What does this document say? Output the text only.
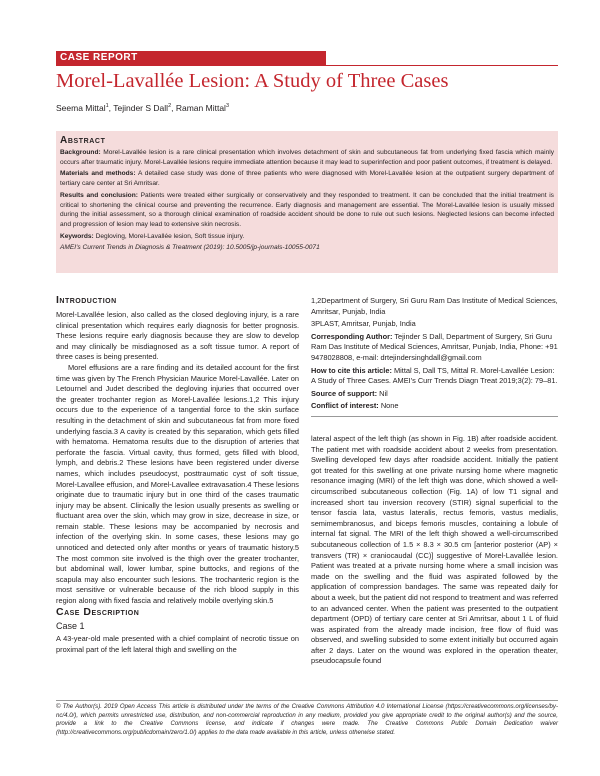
CASE REPORT
Morel-Lavallée Lesion: A Study of Three Cases
Seema Mittal$^1$, Tejinder S Dall$^2$, Raman Mittal$^3$
Abstract

Background: Morel-Lavallée lesion is a rare clinical presentation which involves detachment of skin and subcutaneous fat from underlying fixed fascia which mainly occurs after traumatic injury. Morel-Lavallée lesions require immediate attention because it may lead to superinfection and poor patient outcomes, if treatment is delayed.

Materials and methods: A detailed case study was done of three patients who were diagnosed with Morel-Lavallée lesion at the outpatient surgery department of tertiary care center at Sri Amritsar.

Results and conclusion: Patients were treated either surgically or conservatively and they responded to treatment. It can be concluded that the initial treatment is critical to shortening the clinical course and preventing the recurrence. Early diagnosis and management are essential. The Morel-Lavallée lesion is usually missed during the initial assessment, so a thorough clinical examination of roadside accident should be done to rule out such lesions. Neglected lesions can become infected and progression of lesion may lead to extensive skin necrosis.

Keywords: Degloving, Morel-Lavallée lesion, Soft tissue injury.

AMEI's Current Trends in Diagnosis & Treatment (2019): 10.5005/jp-journals-10055-0071

Introduction

Morel-Lavallée lesion, also called as the closed degloving injury, is a rare clinical presentation which requires early diagnosis for better prognosis. These lesions require early diagnosis because they are slow to develop and may clinically be misdiagnosed as a soft tissue tumor. A report of three cases is being presented.

Morel effusions are a rare finding and its detailed account for the first time was given by The French Physician Maurice Morel-Lavallée. Later on Letournel and Judet described the degloving injuries that occurred over the greater trochanter region as Morel-Lavallée lesions.1,2 This injury occurs due to the experience of a tangential force to the skin surface resulting in the detachment of skin and subcutaneous fat from more fixed underlying fascia.3 A cavity is created by this separation, which gets filled with hematoma. Hematoma results due to the disruption of arteries that perforate the fascia. Virtual cavity, thus formed, gets filled with blood, lymph, and debris.2 These lesions have been registered under diverse names, which includes pseudocyst, posttraumatic cyst of soft tissue, Morel-Lavallee effusion, and Morel-Lavallee extravasation.4 These lesions originate due to traumatic injury but in one third of the cases traumatic injury may be absent. Clinically the lesion usually presents as swelling or fluctuant area over the skin, which may grow in size, decrease in size, or remain stable. These lesions may be accompanied by necrosis and infection of the overlying skin. In some cases, these lesions may go unnoticed and detected only after months or years of traumatic history.5 The most common site involved is the thigh over the greater trochanter, but abdominal wall, lower lumbar, spine buttocks, and regions of the scapula may also encounter such lesions. The trochanteric region is the most sensitive or vulnerable because of the rich blood supply in this region along with fixed fascia and relatively mobile overlying skin.5

Case Description
Case 1

A 43-year-old male presented with a chief complaint of necrotic tissue on proximal part of the left lateral thigh and swelling on the

1,2Department of Surgery, Sri Guru Ram Das Institute of Medical Sciences, Amritsar, Punjab, India

3PLAST, Amritsar, Punjab, India

Corresponding Author: Tejinder S Dall, Department of Surgery, Sri Guru Ram Das Institute of Medical Sciences, Amritsar, Punjab, India, Phone: +91 9478028808, e-mail: drtejindersinghdall@gmail.com

How to cite this article: Mittal S, Dall TS, Mittal R. Morel-Lavallée Lesion: A Study of Three Cases. AMEI's Curr Trends Diagn Treat 2019;3(2): 79–81.

Source of support: Nil

Conflict of interest: None

lateral aspect of the left thigh (as shown in Fig. 1B) after roadside accident. The patient met with roadside accident about 2 weeks from presentation. Swelling developed few days after roadside accident. Initially the patient got treated for this swelling at one private nursing home where magnetic resonance imaging (MRI) of the left thigh was done, which showed a well-circumscribed subcutaneous collection (Fig. 1A) of low T1 signal and increased short tau inversion recovery (STIR) signal superficial to the tensor fascia lata, vastus lateralis, rectus femoris, vastus medialis, semimembranosus, and biceps femoris muscles, containing a lobule of internal fat signal. The MRI of the left thigh showed a well-circumscribed subcutaneous collection of 1.5 × 8.3 × 30.5 cm [anterior posterior (AP) × transvers (TR) × craniocaudal (CC)] suggestive of Morel-Lavallée lesion. Patient was treated at a private nursing home where a small incision was made on the swelling and the fluid was aspirated followed by the application of compression bandages. The same was repeated daily for about a week, but the patient did not respond to treatment and was referred to an advanced center. When the patient was presented to the outpatient department (OPD) of tertiary care center at Sri Amritsar, about 1 L of fluid was aspirated from the already made incision, free flow of fluid was observed, and swelling subsided to some extent initially but occurred again after 2 days. Later on the wound was explored in the operation theater, pseudocapsule found

© The Author(s). 2019 Open Access This article is distributed under the terms of the Creative Commons Attribution 4.0 International License (https://creativecommons.org/licenses/by-nc/4.0/), which permits unrestricted use, distribution, and non-commercial reproduction in any medium, provided you give appropriate credit to the original author(s) and the source, provide a link to the Creative Commons license, and indicate if changes were made. The Creative Commons Public Domain Dedication waiver (http://creativecommons.org/publicdomain/zero/1.0/) applies to the data made available in this article, unless otherwise stated.
